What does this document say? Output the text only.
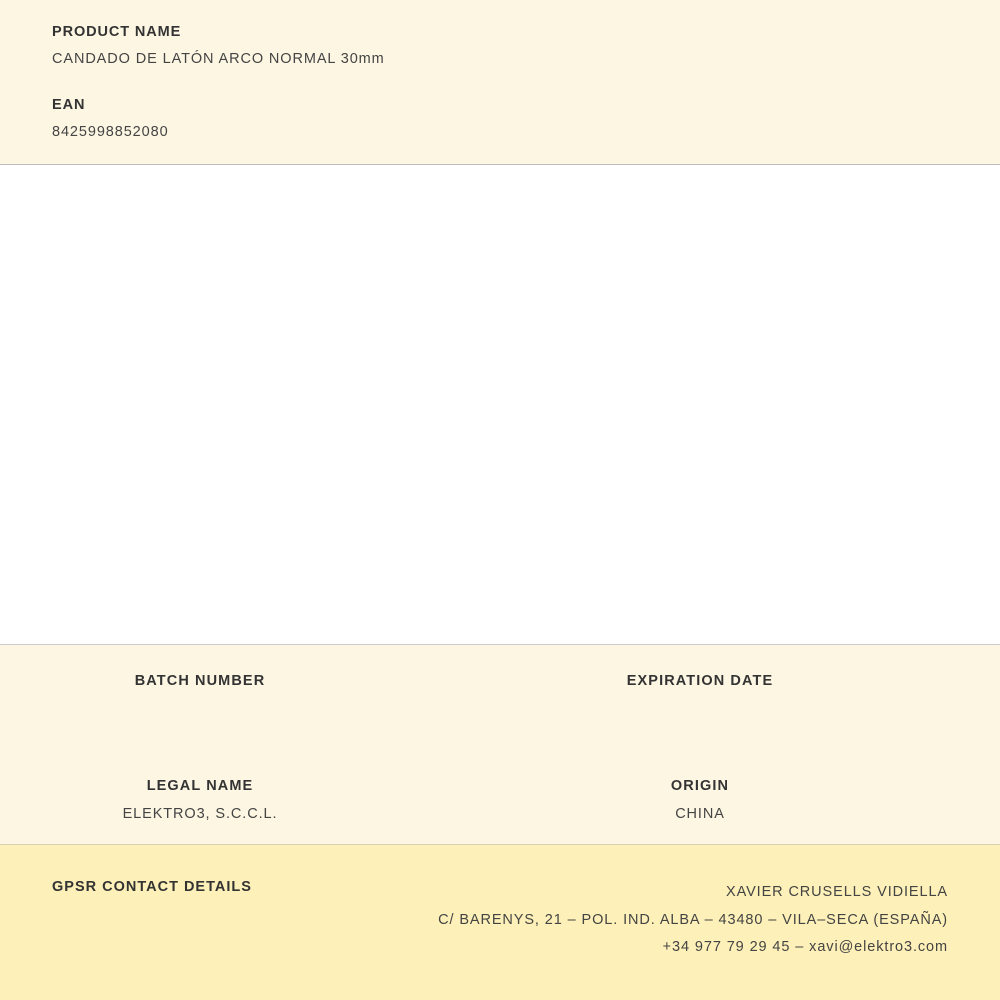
PRODUCT NAME

CANDADO DE LATÓN ARCO NORMAL 30mm

EAN

8425998852080

BATCH NUMBER	EXPIRATION DATE

LEGAL NAME

ELEKTRO3, S.C.C.L.

ORIGIN

CHINA

GPSR CONTACT DETAILS	XAVIER CRUSELLS VIDIELLA

C/ BARENYS, 21 – POL. IND. ALBA – 43480 – VILA–SECA (ESPAÑA)

+34 977 79 29 45 – xavi@elektro3.com
